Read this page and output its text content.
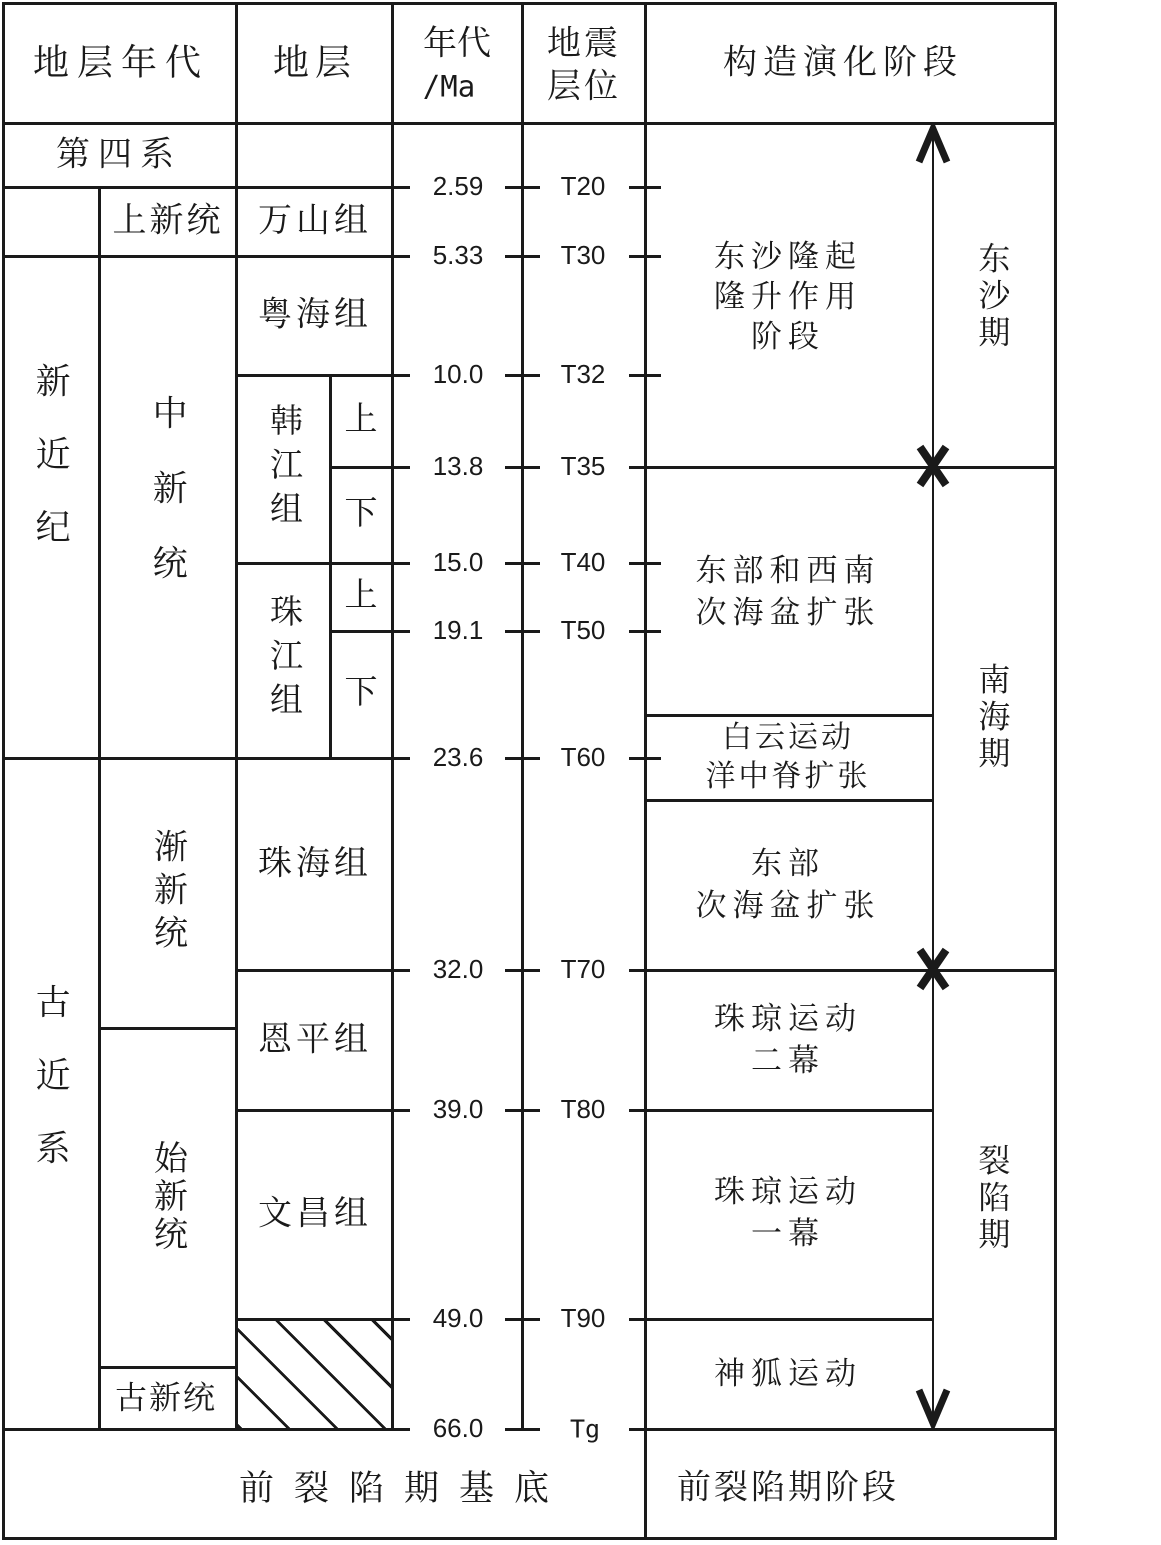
地层年代 地层 年代
/Ma
地震
层位
构造演化阶段
第四系
新近纪
古近系
上新统
中新统
渐新统
始新统
古新统
万山组
粤海组
韩江组 上
下
珠江组 上
下
珠海组
恩平组
文昌组
2.59
5.33
10.0
13.8
15.0
19.1
23.6
32.0
39.0
49.0
66.0
T20
T30
T32
T35
T40
T50
T60
T70
T80
T90
Tg
东沙隆起
隆升作用
阶段
东部和西南
次海盆扩张
白云运动
洋中脊扩张
东部
次海盆扩张
珠琼运动
二幕
珠琼运动
一幕
神狐运动
东沙期
南海期
裂陷期
前裂陷期基底	前裂陷期阶段
